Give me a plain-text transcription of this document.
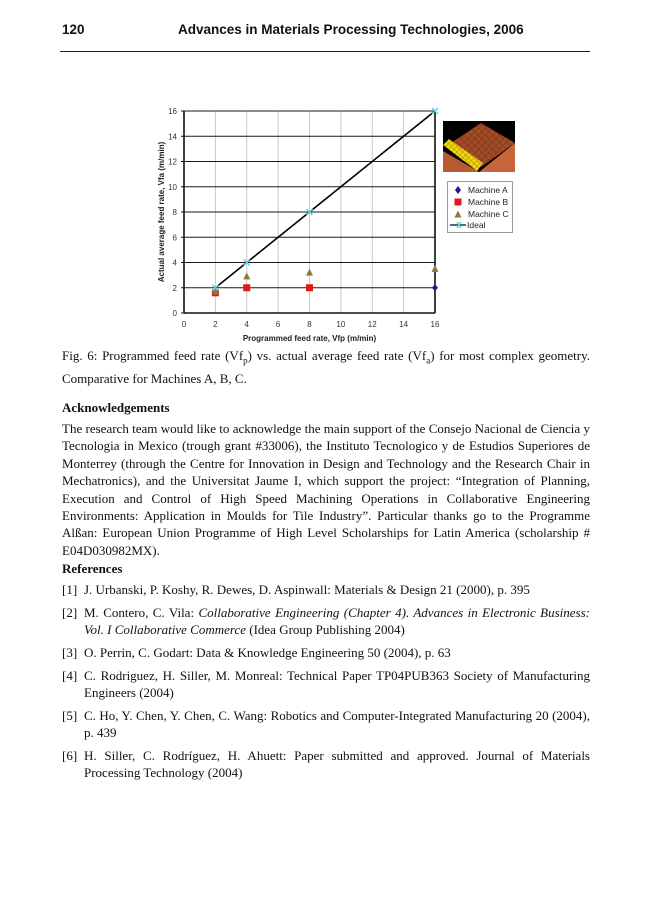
120	Advances in Materials Processing Technologies, 2006
0
2
4
6
8
10
12
14
16
0	2	4	6	8	10	12	14	16
Programmed feed rate, Vfp (m/min)
Actual average feed rate, Vfa (m/min)	Machine A
Machine B
Machine C
Ideal
Fig. 6: Programmed feed rate $(Vf_p)$ vs. actual average feed rate $(Vf_a)$ for most complex geometry. Comparative for Machines A, B, C.
Acknowledgements
The research team would like to acknowledge the main support of the Consejo Nacional de Ciencia y Tecnologia in Mexico (trough grant #33006), the Instituto Tecnologico y de Estudios Superiores de Monterrey (through the Centre for Innovation in Design and Technology and the Research Chair in Mechatronics), and the Universitat Jaume I, which support the project: “Integration of Planning, Execution and Control of High Speed Machining Operations in Collaborative Engineering Environments: Application in Moulds for Tile Industry”. Particular thanks go to the Programme Alßan: European Union Programme of High Level Scholarships for Latin America (scholarship # E04D030982MX).
References
[1] J. Urbanski, P. Koshy, R. Dewes, D. Aspinwall: Materials & Design 21 (2000), p. 395
[2] M. Contero, C. Vila: Collaborative Engineering (Chapter 4). Advances in Electronic Business: Vol. I Collaborative Commerce (Idea Group Publishing 2004)
[3] O. Perrin, C. Godart: Data & Knowledge Engineering 50 (2004), p. 63
[4] C. Rodriguez, H. Siller, M. Monreal: Technical Paper TP04PUB363 Society of Manufacturing Engineers (2004)
[5] C. Ho, Y. Chen, Y. Chen, C. Wang: Robotics and Computer-Integrated Manufacturing 20 (2004), p. 439
[6] H. Siller, C. Rodríguez, H. Ahuett: Paper submitted and approved. Journal of Materials Processing Technology (2004)
